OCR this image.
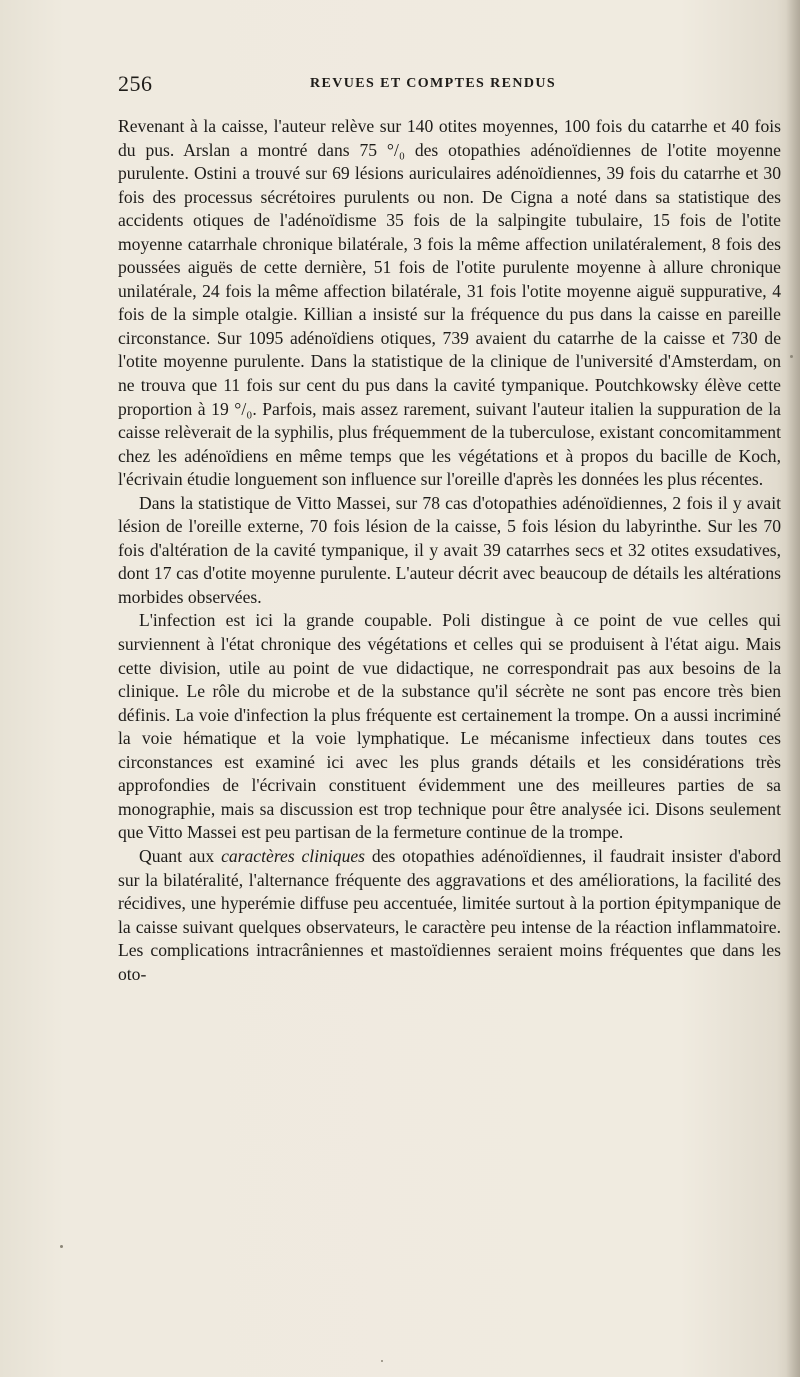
256	REVUES ET COMPTES RENDUS

Revenant à la caisse, l'auteur relève sur 140 otites moyennes, 100 fois du catarrhe et 40 fois du pus. Arslan a montré dans 75 °/₀ des otopathies adénoïdiennes de l'otite moyenne purulente. Ostini a trouvé sur 69 lésions auriculaires adénoïdiennes, 39 fois du catarrhe et 30 fois des processus sécrétoires purulents ou non. De Cigna a noté dans sa statistique des accidents otiques de l'adénoïdisme 35 fois de la salpingite tubulaire, 15 fois de l'otite moyenne catarrhale chronique bilatérale, 3 fois la même affection unilatéralement, 8 fois des poussées aiguës de cette dernière, 51 fois de l'otite purulente moyenne à allure chronique unilatérale, 24 fois la même affection bilatérale, 31 fois l'otite moyenne aiguë suppurative, 4 fois de la simple otalgie. Killian a insisté sur la fréquence du pus dans la caisse en pareille circonstance. Sur 1095 adénoïdiens otiques, 739 avaient du catarrhe de la caisse et 730 de l'otite moyenne purulente. Dans la statistique de la clinique de l'université d'Amsterdam, on ne trouva que 11 fois sur cent du pus dans la cavité tympanique. Poutchkowsky élève cette proportion à 19 °/₀. Parfois, mais assez rarement, suivant l'auteur italien la suppuration de la caisse relèverait de la syphilis, plus fréquemment de la tuberculose, existant concomitamment chez les adénoïdiens en même temps que les végétations et à propos du bacille de Koch, l'écrivain étudie longuement son influence sur l'oreille d'après les données les plus récentes.

Dans la statistique de Vitto Massei, sur 78 cas d'otopathies adénoïdiennes, 2 fois il y avait lésion de l'oreille externe, 70 fois lésion de la caisse, 5 fois lésion du labyrinthe. Sur les 70 fois d'altération de la cavité tympanique, il y avait 39 catarrhes secs et 32 otites exsudatives, dont 17 cas d'otite moyenne purulente. L'auteur décrit avec beaucoup de détails les altérations morbides observées.

L'infection est ici la grande coupable. Poli distingue à ce point de vue celles qui surviennent à l'état chronique des végétations et celles qui se produisent à l'état aigu. Mais cette division, utile au point de vue didactique, ne correspondrait pas aux besoins de la clinique. Le rôle du microbe et de la substance qu'il sécrète ne sont pas encore très bien définis. La voie d'infection la plus fréquente est certainement la trompe. On a aussi incriminé la voie hématique et la voie lymphatique. Le mécanisme infectieux dans toutes ces circonstances est examiné ici avec les plus grands détails et les considérations très approfondies de l'écrivain constituent évidemment une des meilleures parties de sa monographie, mais sa discussion est trop technique pour être analysée ici. Disons seulement que Vitto Massei est peu partisan de la fermeture continue de la trompe.

Quant aux caractères cliniques des otopathies adénoïdiennes, il faudrait insister d'abord sur la bilatéralité, l'alternance fréquente des aggravations et des améliorations, la facilité des récidives, une hyperémie diffuse peu accentuée, limitée surtout à la portion épitympanique de la caisse suivant quelques observateurs, le caractère peu intense de la réaction inflammatoire. Les complications intracrâniennes et mastoïdiennes seraient moins fréquentes que dans les oto-
